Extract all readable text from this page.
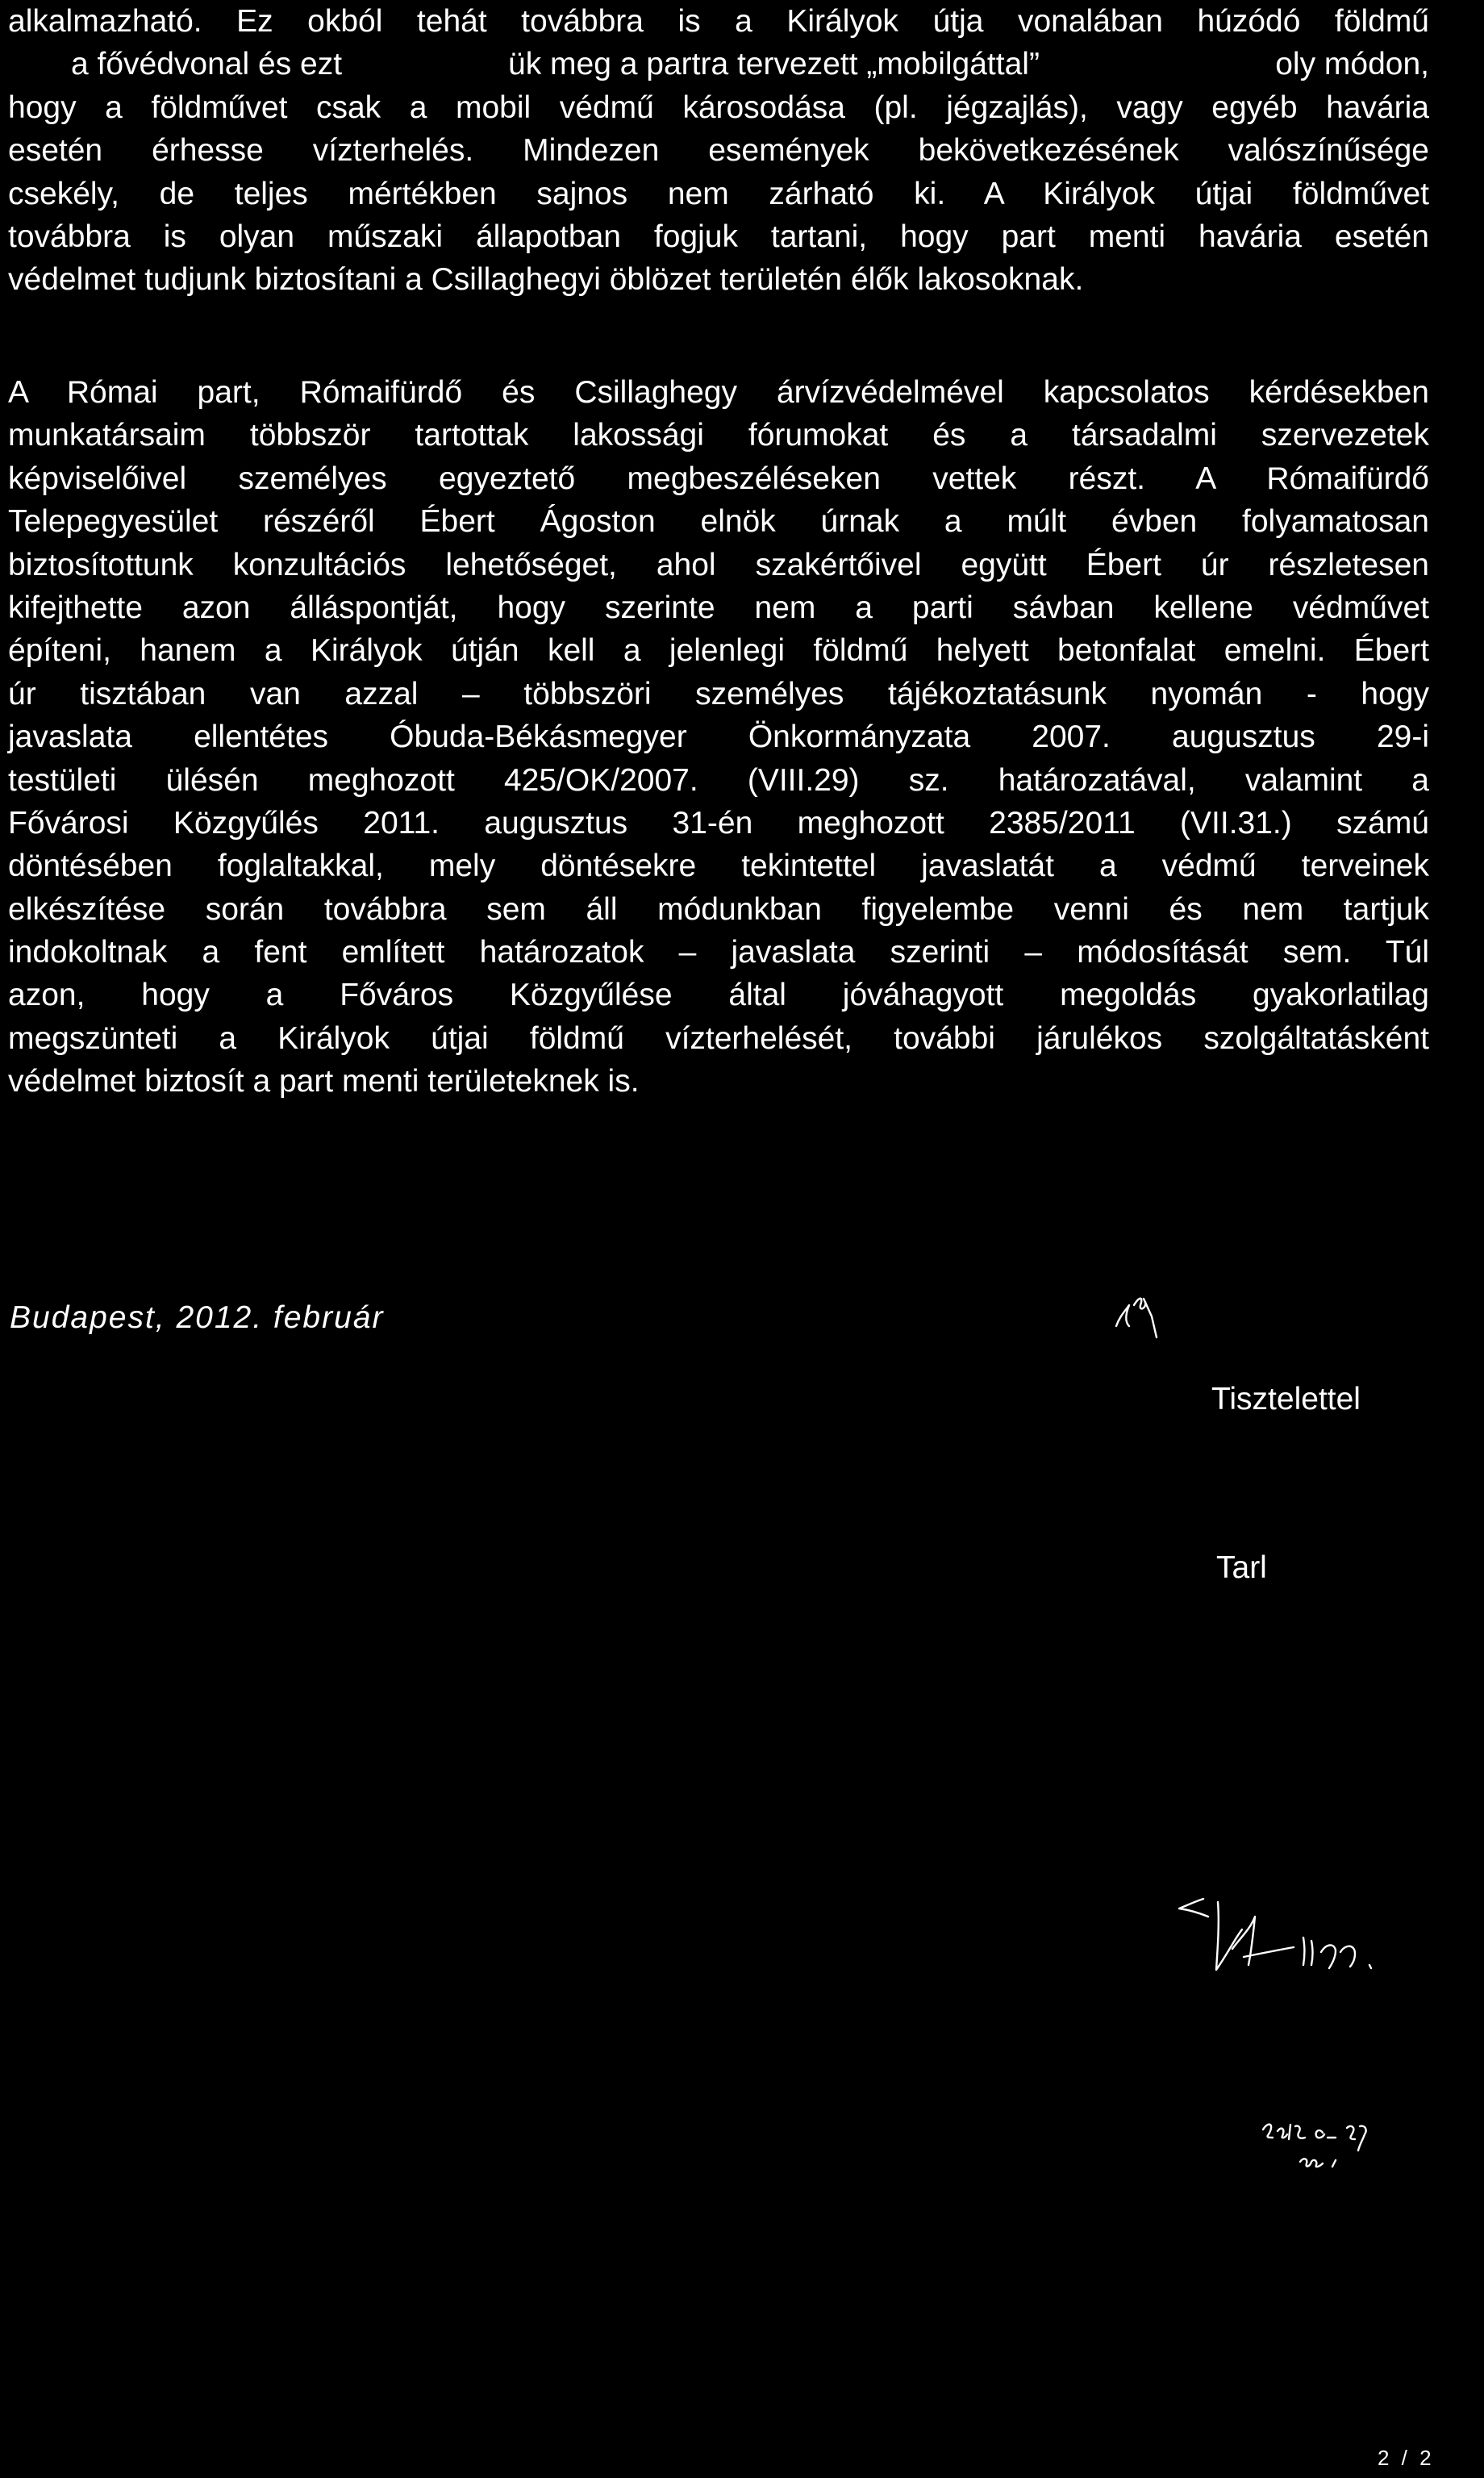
alkalmazható. Ez okból tehát továbbra is a Királyok útja vonalában húzódó földmű
a fővédvonal és ezt	ük meg a partra tervezett „mobilgáttal”	oly módon,
hogy a földművet csak a mobil védmű károsodása (pl. jégzajlás), vagy egyéb havária
esetén érhesse vízterhelés. Mindezen események bekövetkezésének valószínűsége
csekély, de teljes mértékben sajnos nem zárható ki. A Királyok útjai földművet
továbbra is olyan műszaki állapotban fogjuk tartani, hogy part menti havária esetén
védelmet tudjunk biztosítani a Csillaghegyi öblözet területén élők lakosoknak.
A Római part, Rómaifürdő és Csillaghegy árvízvédelmével kapcsolatos kérdésekben
munkatársaim többször tartottak lakossági fórumokat és a társadalmi szervezetek
képviselőivel személyes egyeztető megbeszéléseken vettek részt. A Rómaifürdő
Telepegyesület részéről Ébert Ágoston elnök úrnak a múlt évben folyamatosan
biztosítottunk konzultációs lehetőséget, ahol szakértőivel együtt Ébert úr részletesen
kifejthette azon álláspontját, hogy szerinte nem a parti sávban kellene védművet
építeni, hanem a Királyok útján kell a jelenlegi földmű helyett betonfalat emelni. Ébert
úr tisztában van azzal – többszöri személyes tájékoztatásunk nyomán - hogy
javaslata ellentétes Óbuda-Békásmegyer Önkormányzata 2007. augusztus 29-i
testületi ülésén meghozott 425/OK/2007. (VIII.29) sz. határozatával, valamint a
Fővárosi Közgyűlés 2011. augusztus 31-én meghozott 2385/2011 (VII.31.) számú
döntésében foglaltakkal, mely döntésekre tekintettel javaslatát a védmű terveinek
elkészítése során továbbra sem áll módunkban figyelembe venni és nem tartjuk
indokoltnak a fent említett határozatok – javaslata szerinti – módosítását sem. Túl
azon, hogy a Főváros Közgyűlése által jóváhagyott megoldás gyakorlatilag
megszünteti a Királyok útjai földmű vízterhelését, további járulékos szolgáltatásként
védelmet biztosít a part menti területeknek is.
Budapest, 2012. február
Tisztelettel
Tarl
2 / 2
